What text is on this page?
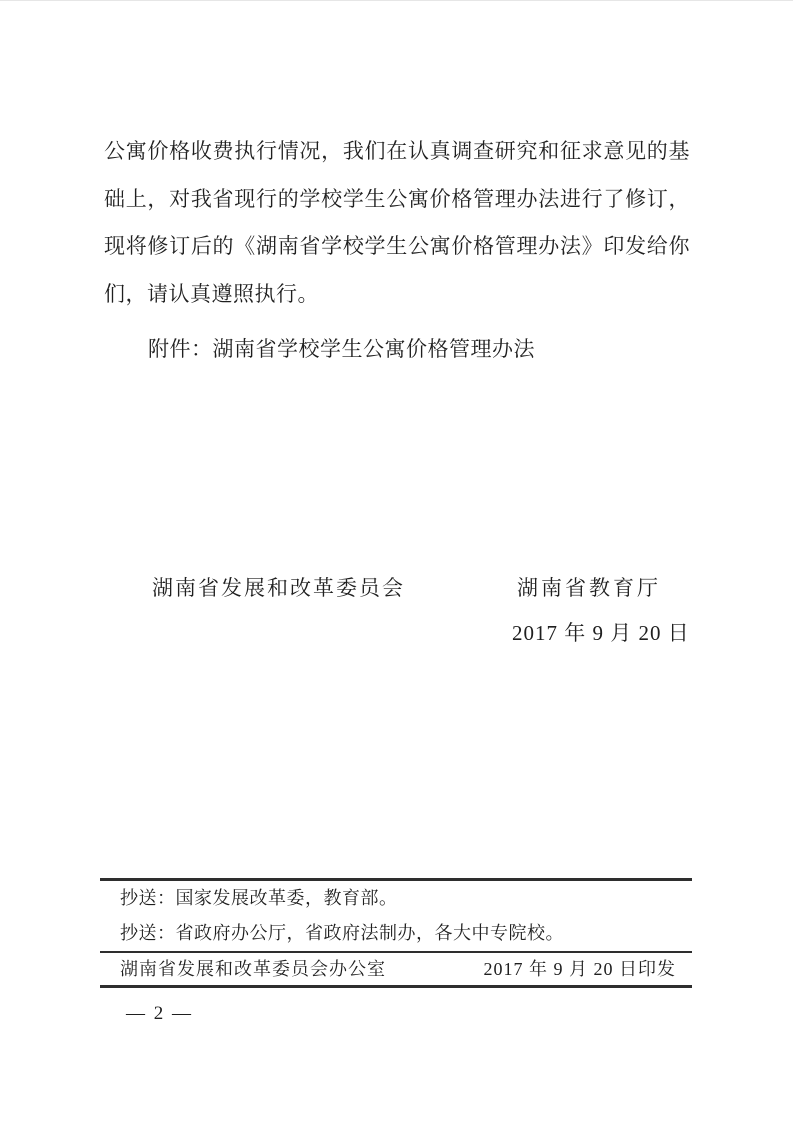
公寓价格收费执行情况，我们在认真调查研究和征求意见的基
础上，对我省现行的学校学生公寓价格管理办法进行了修订，
现将修订后的《湖南省学校学生公寓价格管理办法》印发给你
们，请认真遵照执行。
附件：湖南省学校学生公寓价格管理办法
湖南省发展和改革委员会	湖南省教育厅
2017 年 9 月 20 日
抄送：国家发展改革委，教育部。
抄送：省政府办公厅，省政府法制办，各大中专院校。
湖南省发展和改革委员会办公室	2017 年 9 月 20 日印发
— 2 —
